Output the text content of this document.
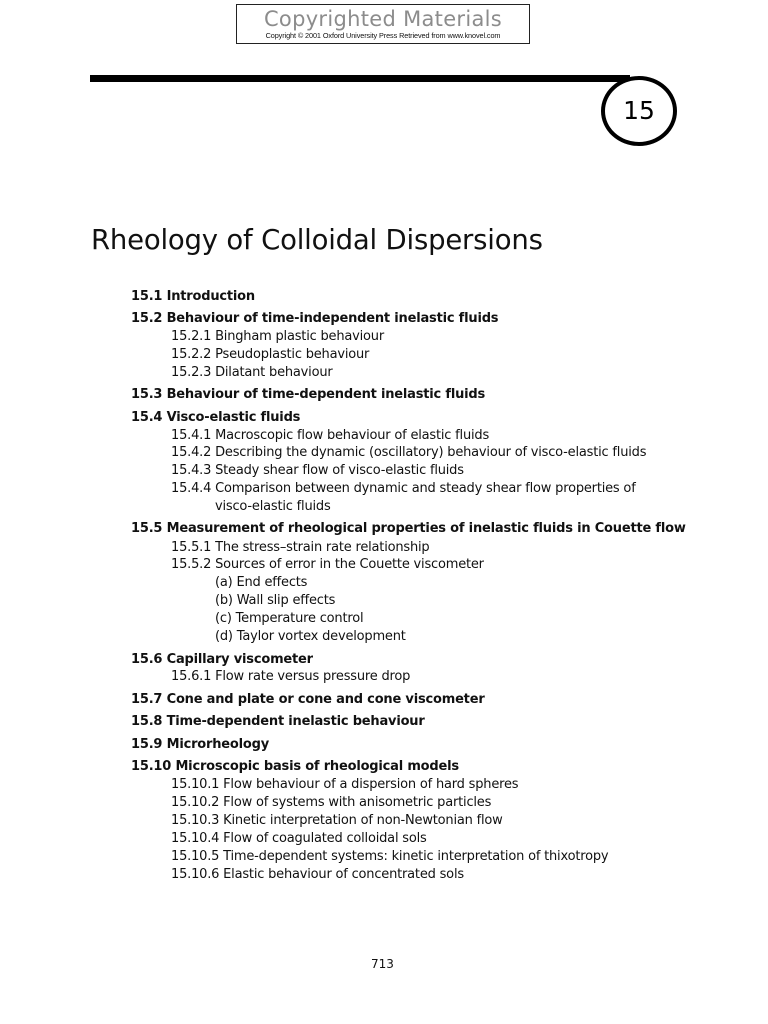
Copyrighted Materials
Copyright © 2001 Oxford University Press Retrieved from www.knovel.com
15
Rheology of Colloidal Dispersions
15.1 Introduction
15.2 Behaviour of time-independent inelastic fluids
15.2.1 Bingham plastic behaviour
15.2.2 Pseudoplastic behaviour
15.2.3 Dilatant behaviour
15.3 Behaviour of time-dependent inelastic fluids
15.4 Visco-elastic fluids
15.4.1 Macroscopic flow behaviour of elastic fluids
15.4.2 Describing the dynamic (oscillatory) behaviour of visco-elastic fluids
15.4.3 Steady shear flow of visco-elastic fluids
15.4.4 Comparison between dynamic and steady shear flow properties of
visco-elastic fluids
15.5 Measurement of rheological properties of inelastic fluids in Couette flow
15.5.1 The stress–strain rate relationship
15.5.2 Sources of error in the Couette viscometer
(a) End effects
(b) Wall slip effects
(c) Temperature control
(d) Taylor vortex development
15.6 Capillary viscometer
15.6.1 Flow rate versus pressure drop
15.7 Cone and plate or cone and cone viscometer
15.8 Time-dependent inelastic behaviour
15.9 Microrheology
15.10 Microscopic basis of rheological models
15.10.1 Flow behaviour of a dispersion of hard spheres
15.10.2 Flow of systems with anisometric particles
15.10.3 Kinetic interpretation of non-Newtonian flow
15.10.4 Flow of coagulated colloidal sols
15.10.5 Time-dependent systems: kinetic interpretation of thixotropy
15.10.6 Elastic behaviour of concentrated sols
713
